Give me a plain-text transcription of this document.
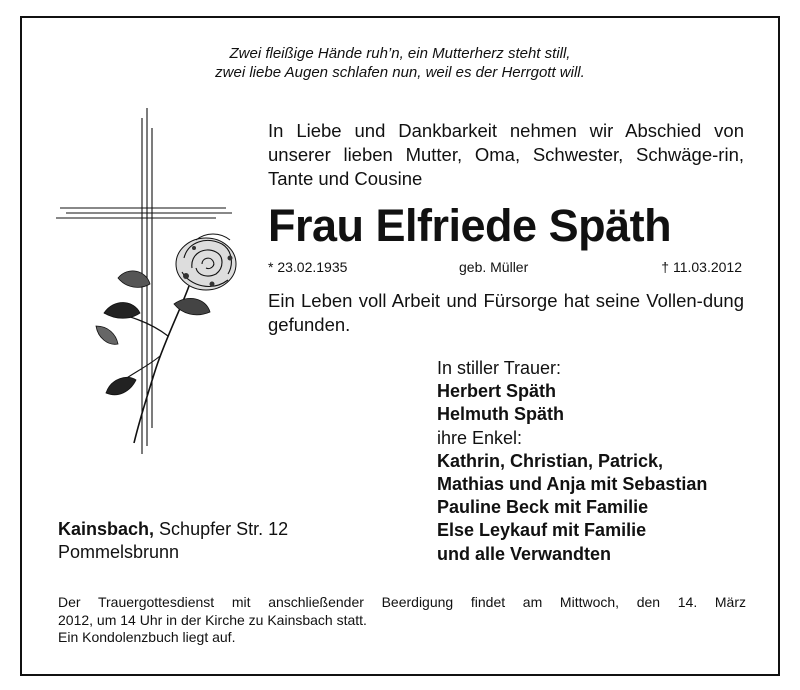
Zwei fleißige Hände ruh’n, ein Mutterherz steht still,
zwei liebe Augen schlafen nun, weil es der Herrgott will.
In Liebe und Dankbarkeit nehmen wir Abschied von unserer lieben Mutter, Oma, Schwester, Schwäge-rin, Tante und Cousine
Frau Elfriede Späth
* 23.02.1935	geb. Müller	† 11.03.2012
Ein Leben voll Arbeit und Fürsorge hat seine Vollen-dung gefunden.
In stiller Trauer:
Herbert Späth
Helmuth Späth
ihre Enkel:
Kathrin, Christian, Patrick,
Mathias und Anja mit Sebastian
Pauline Beck mit Familie
Else Leykauf mit Familie
und alle Verwandten
Kainsbach, Schupfer Str. 12
Pommelsbrunn
Der Trauergottesdienst mit anschließender Beerdigung findet am Mittwoch, den 14. März
2012, um 14 Uhr in der Kirche zu Kainsbach statt.
Ein Kondolenzbuch liegt auf.
